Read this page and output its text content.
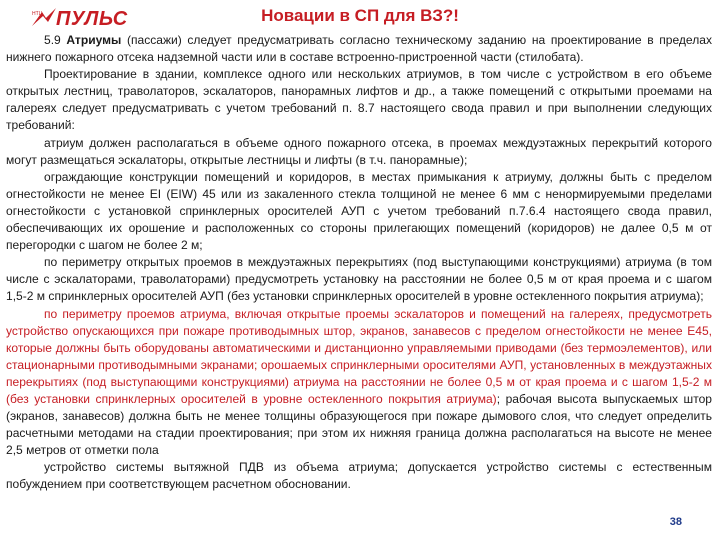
НТЦ ПУЛЬС	Новации в СП для ВЗ?!

5.9 Атриумы (пассажи) следует предусматривать согласно техническому заданию на проектирование в пределах нижнего пожарного отсека надземной части или в составе встроенно-пристроенной части (стилобата).

Проектирование в здании, комплексе одного или нескольких атриумов, в том числе с устройством в его объеме открытых лестниц, траволаторов, эскалаторов, панорамных лифтов и др., а также помещений с открытыми проемами на галереях следует предусматривать с учетом требований п. 8.7 настоящего свода правил и при выполнении следующих требований:

атриум должен располагаться в объеме одного пожарного отсека, в проемах междуэтажных перекрытий которого могут размещаться эскалаторы, открытые лестницы и лифты (в т.ч. панорамные);

ограждающие конструкции помещений и коридоров, в местах примыкания к атриуму, должны быть с пределом огнестойкости не менее EI (EIW) 45 или из закаленного стекла толщиной не менее 6 мм с ненормируемыми пределами огнестойкости с установкой спринклерных оросителей АУП с учетом требований п.7.6.4 настоящего свода правил, обеспечивающих их орошение и расположенных со стороны прилегающих помещений (коридоров) не далее 0,5 м от перегородки с шагом не более 2 м;

по периметру открытых проемов в междуэтажных перекрытиях (под выступающими конструкциями) атриума (в том числе с эскалаторами, траволаторами) предусмотреть установку на расстоянии не более 0,5 м от края проема и с шагом 1,5-2 м спринклерных оросителей АУП (без установки спринклерных оросителей в уровне остекленного покрытия атриума);

по периметру проемов атриума, включая открытые проемы эскалаторов и помещений на галереях, предусмотреть устройство опускающихся при пожаре противодымных штор, экранов, занавесов с пределом огнестойкости не менее Е45, которые должны быть оборудованы автоматическими и дистанционно управляемыми приводами (без термоэлементов), или стационарными противодымными экранами; орошаемых спринклерными оросителями АУП, установленных в междуэтажных перекрытиях (под выступающими конструкциями) атриума на расстоянии не более 0,5 м от края проема и с шагом 1,5-2 м (без установки спринклерных оросителей в уровне остекленного покрытия атриума); рабочая высота выпускаемых штор (экранов, занавесов) должна быть не менее толщины образующегося при пожаре дымового слоя, что следует определить расчетными методами на стадии проектирования; при этом их нижняя граница должна располагаться на высоте не менее 2,5 метров от отметки пола

устройство системы вытяжной ПДВ из объема атриума; допускается устройство системы с естественным побуждением при соответствующем расчетном обосновании.

38
